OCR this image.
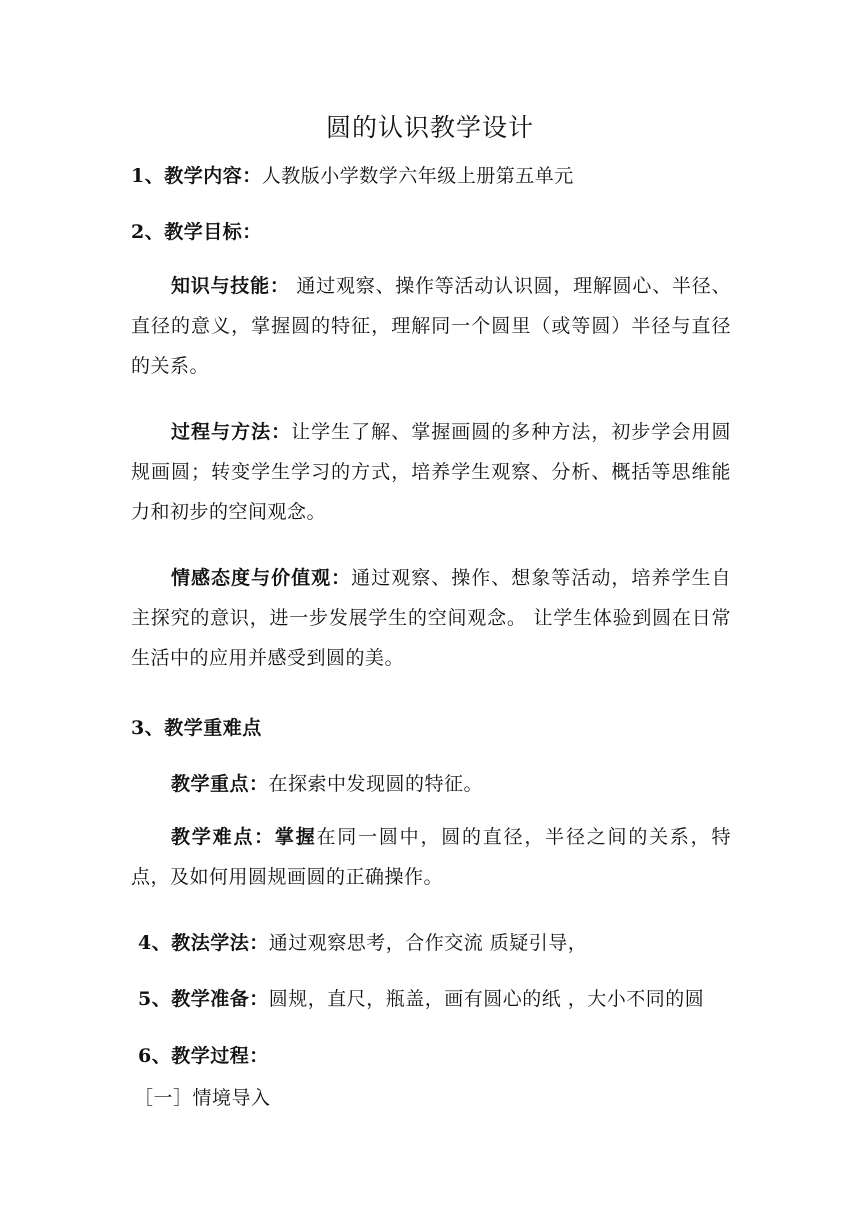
圆的认识教学设计
1、教学内容：人教版小学数学六年级上册第五单元
2、教学目标：
知识与技能： 通过观察、操作等活动认识圆，理解圆心、半径、直径的意义，掌握圆的特征，理解同一个圆里（或等圆）半径与直径的关系。
过程与方法：让学生了解、掌握画圆的多种方法，初步学会用圆规画圆；转变学生学习的方式，培养学生观察、分析、概括等思维能力和初步的空间观念。
情感态度与价值观：通过观察、操作、想象等活动，培养学生自主探究的意识，进一步发展学生的空间观念。 让学生体验到圆在日常生活中的应用并感受到圆的美。
3、教学重难点
教学重点：在探索中发现圆的特征。
教学难点：掌握在同一圆中，圆的直径，半径之间的关系，特点，及如何用圆规画圆的正确操作。
4、教法学法：通过观察思考，合作交流 质疑引导，
5、教学准备：圆规，直尺，瓶盖，画有圆心的纸 ，大小不同的圆
6、教学过程：
［一］情境导入
